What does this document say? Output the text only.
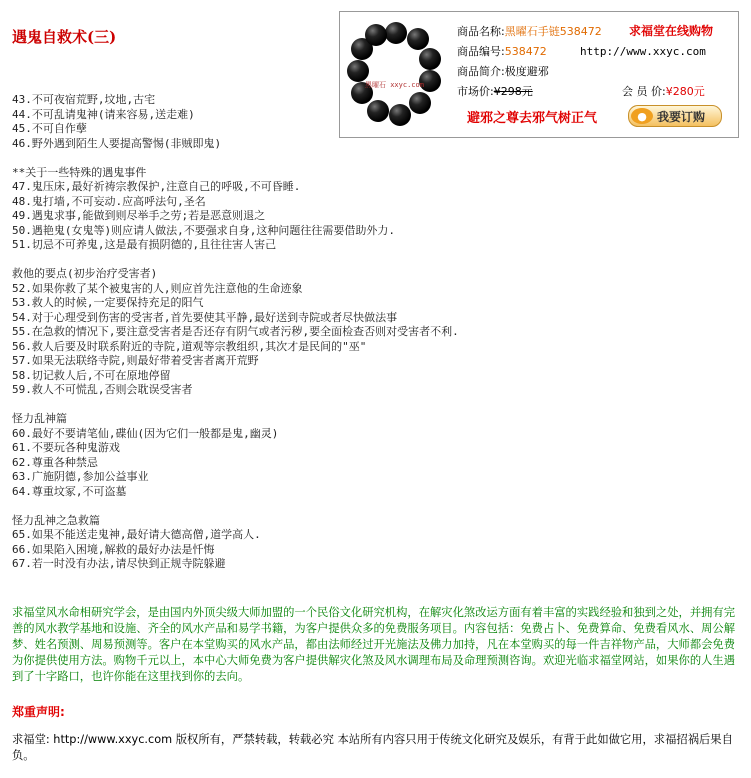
遇鬼自救术(三)
黑曜石 xxyc.com
商品名称:黑曜石手链538472 求福堂在线购物
商品编号:538472	http://www.xxyc.com
商品简介:极度避邪
市场价:¥298元	会 员 价:¥280元
避邪之尊去邪气树正气	● 我要订购
43.不可夜宿荒野,坟地,古宅
44.不可乱请鬼神(请来容易,送走难)
45.不可自作孽
46.野外遇到陌生人要提高警惕(非贼即鬼)
**关于一些特殊的遇鬼事件
47.鬼压床,最好祈祷宗教保护,注意自己的呼吸,不可昏睡.
48.鬼打墙,不可妄动.应高呼法句,圣名
49.遇鬼求事,能做到则尽举手之劳;若是恶意则退之
50.遇艳鬼(女鬼等)则应请人做法,不要强求自身,这种问题往往需要借助外力.
51.切忌不可养鬼,这是最有损阴德的,且往往害人害己
救他的要点(初步治疗受害者)
52.如果你救了某个被鬼害的人,则应首先注意他的生命迹象
53.救人的时候,一定要保持充足的阳气
54.对于心理受到伤害的受害者,首先要使其平静,最好送到寺院或者尽快做法事
55.在急救的情况下,要注意受害者是否还存有阴气或者污秽,要全面检查否则对受害者不利.
56.救人后要及时联系附近的寺院,道观等宗教组织,其次才是民间的"巫"
57.如果无法联络寺院,则最好带着受害者离开荒野
58.切记救人后,不可在原地停留
59.救人不可慌乱,否则会耽误受害者
怪力乱神篇
60.最好不要请笔仙,碟仙(因为它们一般都是鬼,幽灵)
61.不要玩各种鬼游戏
62.尊重各种禁忌
63.广施阴德,参加公益事业
64.尊重坟冢,不可盗墓
怪力乱神之急救篇
65.如果不能送走鬼神,最好请大德高僧,道学高人.
66.如果陷入困境,解救的最好办法是忏悔
67.若一时没有办法,请尽快到正规寺院躲避
求福堂风水命相研究学会，是由国内外顶尖级大师加盟的一个民俗文化研究机构，在解灾化煞改运方面有着丰富的实践经验和独到之处，并拥有完善的风水教学基地和设施、齐全的风水产品和易学书籍，为客户提供众多的免费服务项目。内容包括：免费占卜、免费算命、免费看风水、周公解梦、姓名预测、周易预测等。客户在本堂购买的风水产品，都由法师经过开光施法及佛力加持，凡在本堂购买的每一件吉祥物产品，大师都会免费为你提供使用方法。购物千元以上，本中心大师免费为客户提供解灾化煞及风水调理布局及命理预测咨询。欢迎光临求福堂网站，如果你的人生遇到了十字路口，也许你能在这里找到你的去向。
郑重声明:
求福堂: http://www.xxyc.com 版权所有，严禁转载，转载必究 本站所有内容只用于传统文化研究及娱乐，有背于此如做它用，求福招祸后果自负。
